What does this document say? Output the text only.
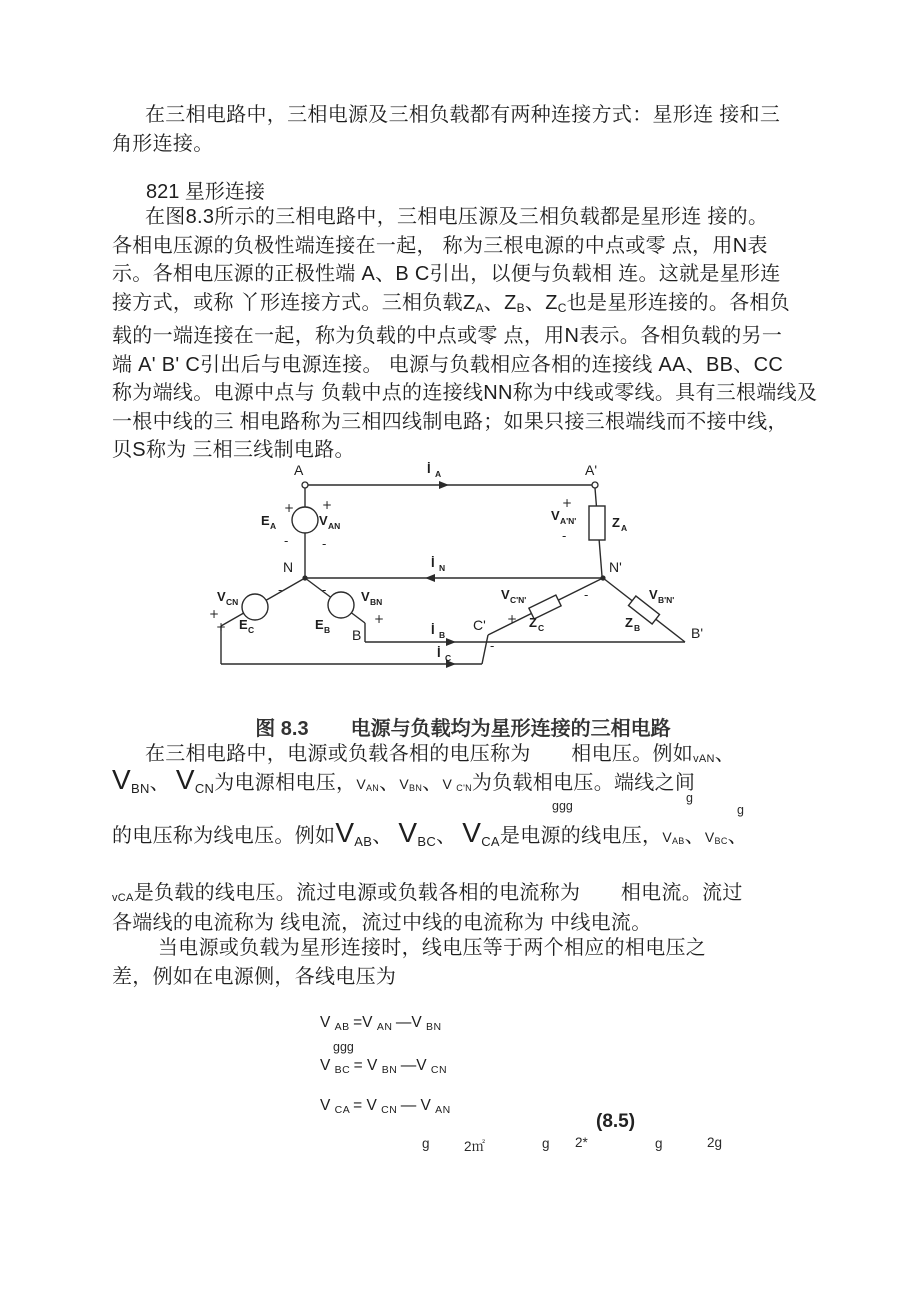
在三相电路中，三相电源及三相负载都有两种连接方式：星形连 接和三
角形连接。
821 星形连接
在图8.3所示的三相电路中，三相电压源及三相负载都是星形连 接的。
各相电压源的负极性端连接在一起， 称为三根电源的中点或零 点，用N表
示。各相电压源的正极性端 A、B C引出，以便与负载相 连。这就是星形连
接方式，或称 丫形连接方式。三相负载ZA、ZB、ZC也是星形连接的。各相负
载的一端连接在一起，称为负载的中点或零 点，用N表示。各相负载的另一
端 A' B' C引出后与电源连接。 电源与负载相应各相的连接线 AA、BB、CC
称为端线。电源中点与 负载中点的连接线NN称为中线或零线。具有三根端线及
一根中线的三 相电路称为三相四线制电路；如果只接三根端线而不接中线，
贝S称为 三相三线制电路。
A	A'
N	N'
B	B'
C'
E A	V AN
V CN
E C	E B
V BN
V A'N'	Z A
V C'N'
Z C	Z B
V B'N'
İ A
İ N
İ B
İ C
+
-
+
-
-	-
+
+
+
+
-
-
+
-

图 8.3 电源与负载均为星形连接的三相电路

在三相电路中，电源或负载各相的电压称为　　相电压。例如vAN、
$V_{BN}$、 $V_{CN}$为电源相电压，VAN、VBN、V C'N为负载相电压。端线之间
ggg
g
g
的电压称为线电压。例如$V_{AB}$、 $V_{BC}$、 $V_{CA}$是电源的线电压，VAB、VBC、
vCA是负载的线电压。流过电源或负载各相的电流称为　　相电流。流过
各端线的电流称为 线电流，流过中线的电流称为 中线电流。
当电源或负载为星形连接时，线电压等于两个相应的相电压之
差，例如在电源侧，各线电压为
V AB =V AN —V BN
ggg
V BC = V BN —V CN
V CA = V CN — V AN
(8.5)
g	2㎡	g 2*	g	2g
